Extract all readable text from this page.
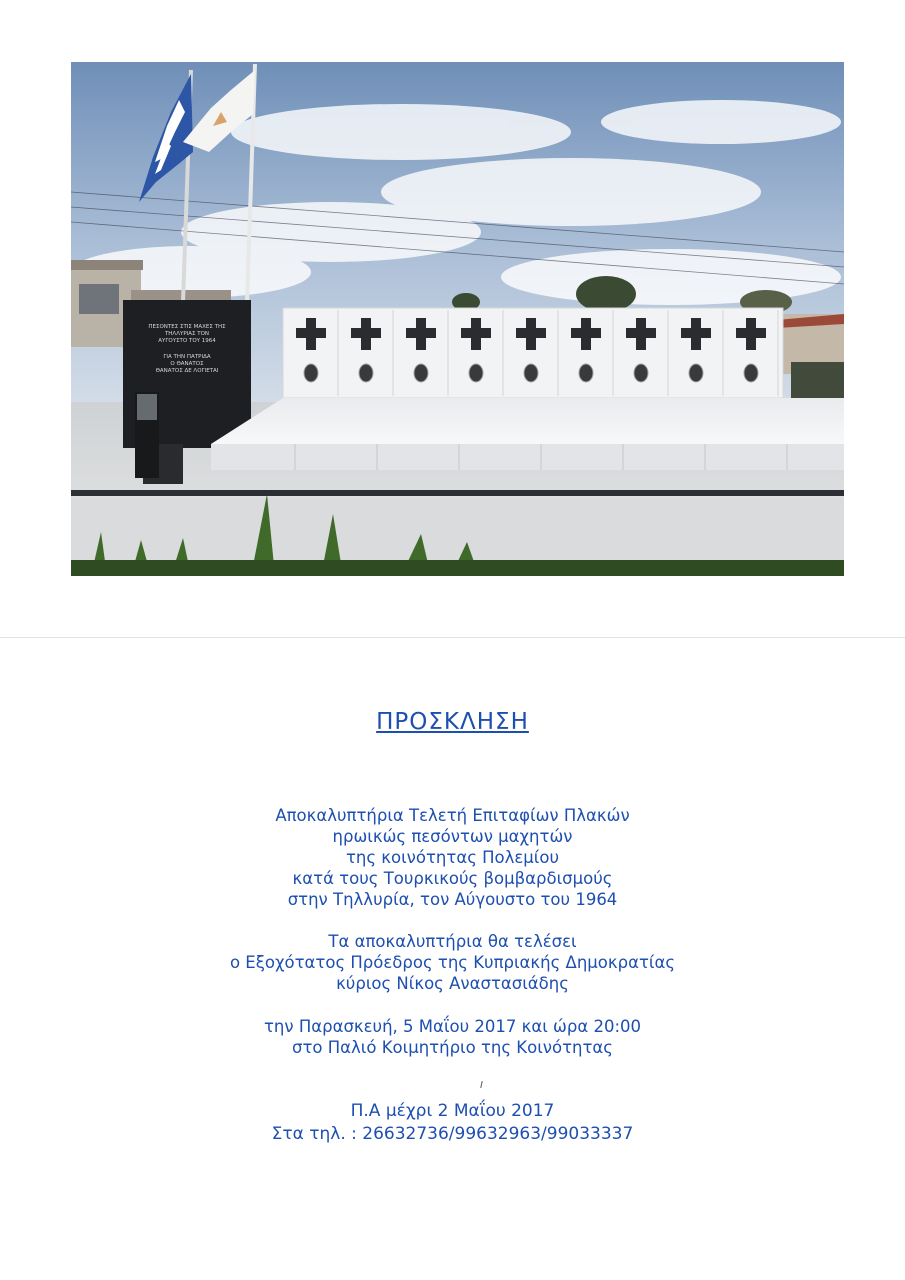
ΠΕΣΟΝΤΕΣ ΣΤΙΣ ΜΑΧΕΣ ΤΗΣ
ΤΗΛΛΥΡΙΑΣ ΤΟΝ
ΑΥΓΟΥΣΤΟ ΤΟΥ 1964
ΓΙΑ ΤΗΝ ΠΑΤΡΙΔΑ
Ο ΘΑΝΑΤΟΣ
ΘΑΝΑΤΟΣ ΔΕ ΛΟΓΙΕΤΑΙ
ΠΡΟΣΚΛΗΣΗ
Αποκαλυπτήρια Τελετή Επιταφίων Πλακών
ηρωικώς πεσόντων μαχητών
της κοινότητας Πολεμίου
κατά τους Τουρκικούς βομβαρδισμούς
στην Τηλλυρία, τον Αύγουστο του 1964
Τα αποκαλυπτήρια θα τελέσει
ο Εξοχότατος Πρόεδρος της Κυπριακής Δημοκρατίας
κύριος Νίκος Αναστασιάδης
την Παρασκευή, 5 Μαΐου 2017 και ώρα 20:00
στο Παλιό Κοιμητήριο της Κοινότητας
Π.Α μέχρι 2 Μαΐου 2017
Στα τηλ. : 26632736/99632963/99033337
